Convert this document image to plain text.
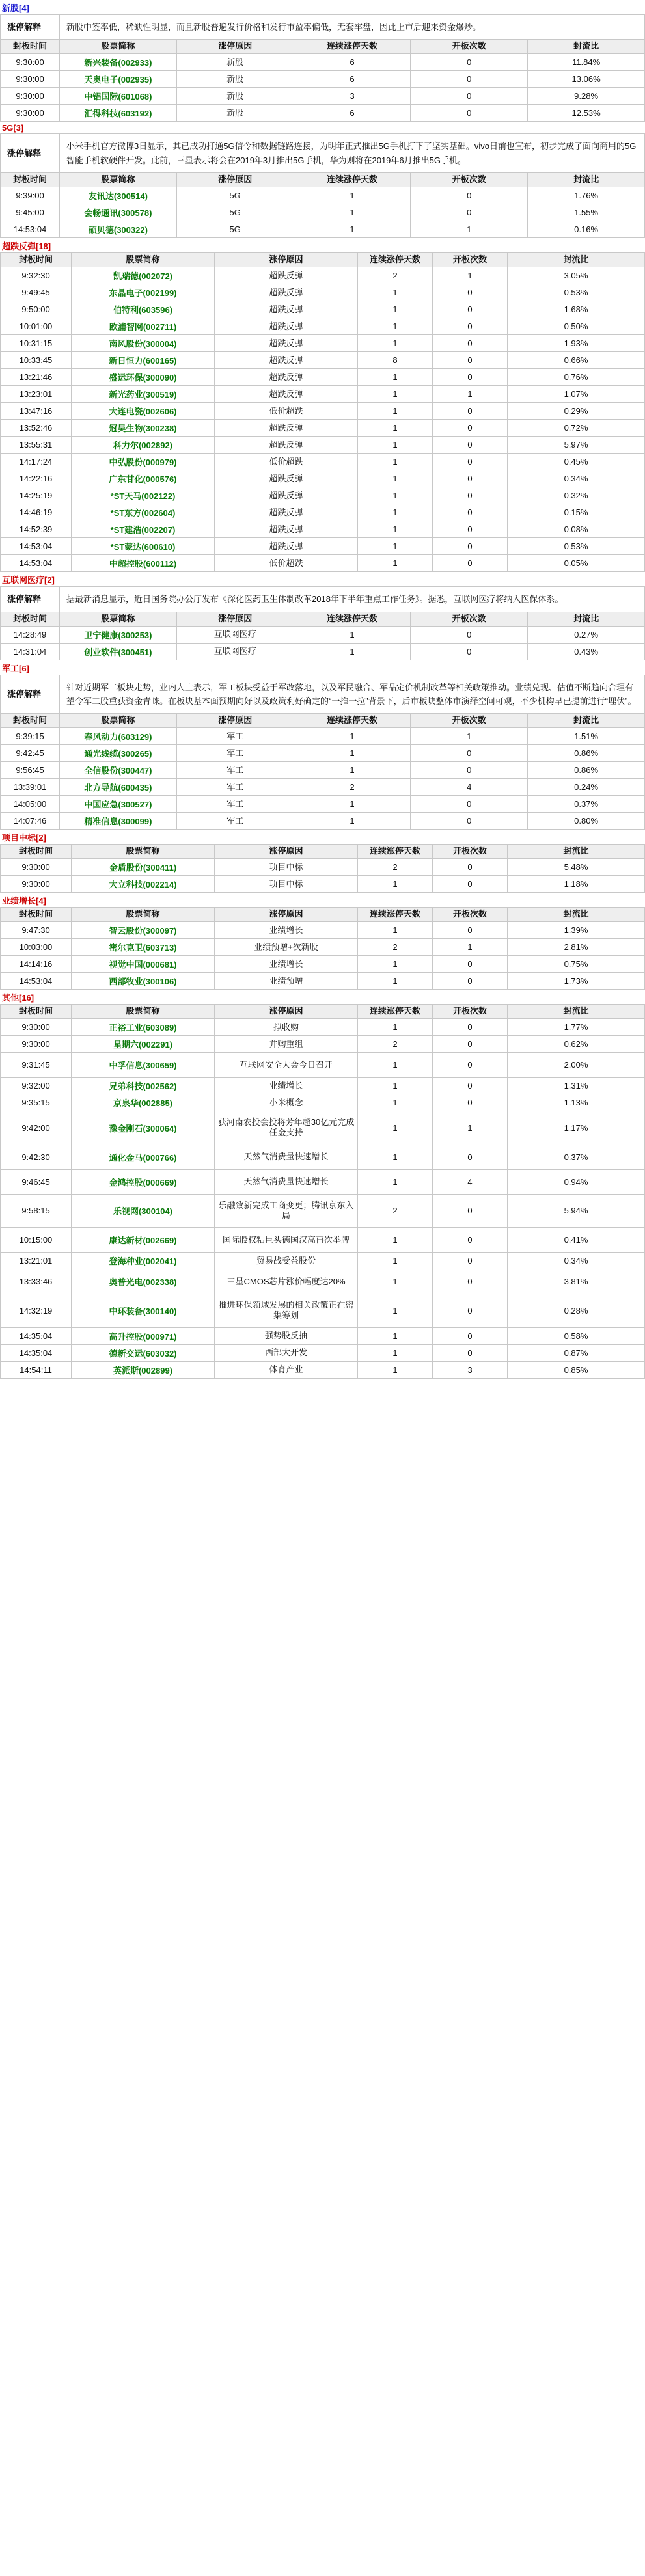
新股[4]
涨停解释	新股中签率低，稀缺性明显，而且新股普遍发行价格和发行市盈率偏低，无套牢盘，因此上市后迎来资金爆炒。				
封板时间	股票简称	涨停原因	连续涨停天数	开板次数	封流比
9:30:00	新兴装备(002933)	新股	6	0	11.84%
9:30:00	天奥电子(002935)	新股	6	0	13.06%
9:30:00	中铝国际(601068)	新股	3	0	9.28%
9:30:00	汇得科技(603192)	新股	6	0	12.53%
5G[3]
涨停解释	小米手机官方微博3日显示，其已成功打通5G信令和数据链路连接，为明年正式推出5G手机打下了坚实基础。vivo日前也宣布，初步完成了面向商用的5G智能手机软硬件开发。此前，三星表示将会在2019年3月推出5G手机，华为则将在2019年6月推出5G手机。				
封板时间	股票简称	涨停原因	连续涨停天数	开板次数	封流比
9:39:00	友讯达(300514)	5G	1	0	1.76%
9:45:00	会畅通讯(300578)	5G	1	0	1.55%
14:53:04	硕贝德(300322)	5G	1	1	0.16%
超跌反弹[18]
封板时间	股票简称	涨停原因	连续涨停天数	开板次数	封流比
9:32:30	凯瑞德(002072)	超跌反弹	2	1	3.05%
9:49:45	东晶电子(002199)	超跌反弹	1	0	0.53%
9:50:00	伯特利(603596)	超跌反弹	1	0	1.68%
10:01:00	欧浦智网(002711)	超跌反弹	1	0	0.50%
10:31:15	南风股份(300004)	超跌反弹	1	0	1.93%
10:33:45	新日恒力(600165)	超跌反弹	8	0	0.66%
13:21:46	盛运环保(300090)	超跌反弹	1	0	0.76%
13:23:01	新光药业(300519)	超跌反弹	1	1	1.07%
13:47:16	大连电瓷(002606)	低价超跌	1	0	0.29%
13:52:46	冠昊生物(300238)	超跌反弹	1	0	0.72%
13:55:31	科力尔(002892)	超跌反弹	1	0	5.97%
14:17:24	中弘股份(000979)	低价超跌	1	0	0.45%
14:22:16	广东甘化(000576)	超跌反弹	1	0	0.34%
14:25:19	*ST天马(002122)	超跌反弹	1	0	0.32%
14:46:19	*ST东方(002604)	超跌反弹	1	0	0.15%
14:52:39	*ST建浩(002207)	超跌反弹	1	0	0.08%
14:53:04	*ST蒙达(600610)	超跌反弹	1	0	0.53%
14:53:04	中超控股(600112)	低价超跌	1	0	0.05%
互联网医疗[2]
涨停解释	据最新消息显示，近日国务院办公厅发布《深化医药卫生体制改革2018年下半年重点工作任务》。据悉，互联网医疗将纳入医保体系。				
封板时间	股票简称	涨停原因	连续涨停天数	开板次数	封流比
14:28:49	卫宁健康(300253)	互联网医疗	1	0	0.27%
14:31:04	创业软件(300451)	互联网医疗	1	0	0.43%
军工[6]
涨停解释	针对近期军工板块走势，业内人士表示，军工板块受益于军改落地，以及军民融合、军品定价机制改革等相关政策推动。业绩兑现、估值不断趋向合理有望令军工股重获资金青睐。在板块基本面预期向好以及政策利好确定的“一推一拉”背景下，后市板块整体市演绎空间可观，不少机构早已提前进行“埋伏”。				
封板时间	股票简称	涨停原因	连续涨停天数	开板次数	封流比
9:39:15	春风动力(603129)	军工	1	1	1.51%
9:42:45	通光线缆(300265)	军工	1	0	0.86%
9:56:45	全信股份(300447)	军工	1	0	0.86%
13:39:01	北方导航(600435)	军工	2	4	0.24%
14:05:00	中国应急(300527)	军工	1	0	0.37%
14:07:46	精准信息(300099)	军工	1	0	0.80%
项目中标[2]
封板时间	股票简称	涨停原因	连续涨停天数	开板次数	封流比
9:30:00	金盾股份(300411)	项目中标	2	0	5.48%
9:30:00	大立科技(002214)	项目中标	1	0	1.18%
业绩增长[4]
封板时间	股票简称	涨停原因	连续涨停天数	开板次数	封流比
9:47:30	智云股份(300097)	业绩增长	1	0	1.39%
10:03:00	密尔克卫(603713)	业绩预增+次新股	2	1	2.81%
14:14:16	视觉中国(000681)	业绩增长	1	0	0.75%
14:53:04	西部牧业(300106)	业绩预增	1	0	1.73%
其他[16]
封板时间	股票简称	涨停原因	连续涨停天数	开板次数	封流比
9:30:00	正裕工业(603089)	拟收购	1	0	1.77%
9:30:00	星期六(002291)	并购重组	2	0	0.62%
9:31:45	中孚信息(300659)	互联网安全大会今日召开	1	0	2.00%
9:32:00	兄弟科技(002562)	业绩增长	1	0	1.31%
9:35:15	京泉华(002885)	小米概念	1	0	1.13%
9:42:00	豫金刚石(300064)	获河南农投会投将芳年超30亿元完成任金支持	1	1	1.17%
9:42:30	通化金马(000766)	天然气消费量快速增长	1	0	0.37%
9:46:45	金鸿控股(000669)	天然气消费量快速增长	1	4	0.94%
9:58:15	乐视网(300104)	乐融致新完成工商变更；腾讯京东入局	2	0	5.94%
10:15:00	康达新材(002669)	国际股权粘巨头德国汉高再次举牌	1	0	0.41%
13:21:01	登海种业(002041)	贸易战受益股份	1	0	0.34%
13:33:46	奥普光电(002338)	三星CMOS芯片涨价幅度达20%	1	0	3.81%
14:32:19	中环装备(300140)	推进环保领域发展的相关政策正在密集筹划	1	0	0.28%
14:35:04	高升控股(000971)	强势股反抽	1	0	0.58%
14:35:04	德新交运(603032)	西部大开发	1	0	0.87%
14:54:11	英派斯(002899)	体育产业	1	3	0.85%
